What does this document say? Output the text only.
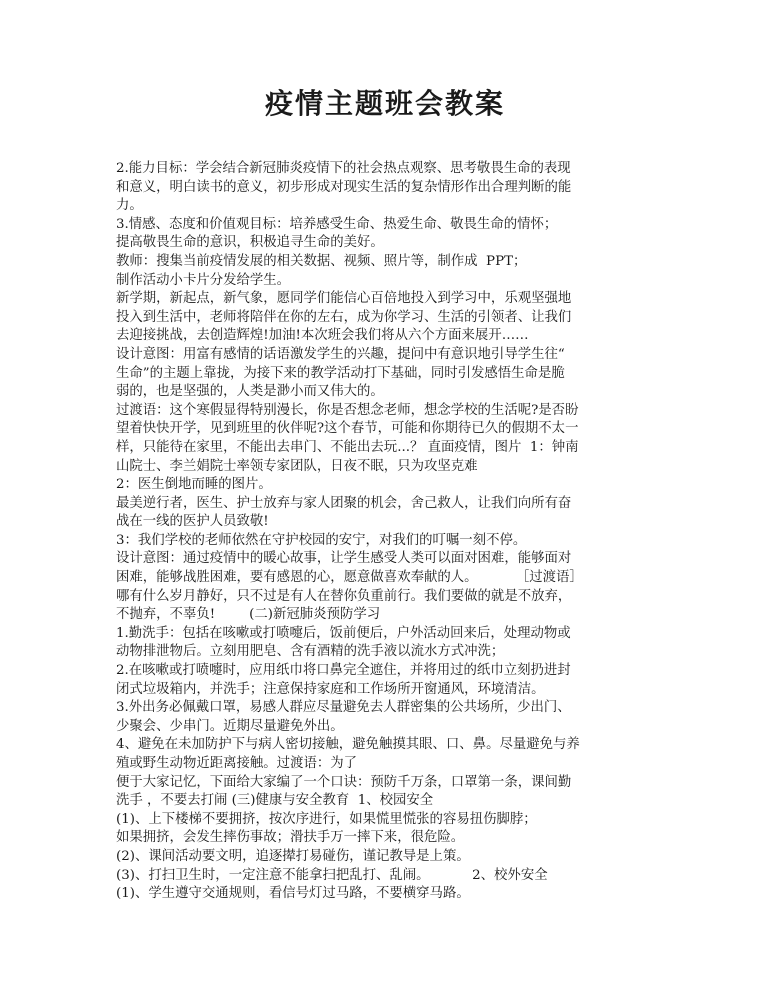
疫情主题班会教案
2.能力目标：学会结合新冠肺炎疫情下的社会热点观察、思考敬畏生命的表现
和意义，明白读书的意义，初步形成对现实生活的复杂情形作出合理判断的能
力。
3.情感、态度和价值观目标：培养感受生命、热爱生命、敬畏生命的情怀；
提高敬畏生命的意识，积极追寻生命的美好。
教师：搜集当前疫情发展的相关数据、视频、照片等，制作成  PPT；
制作活动小卡片分发给学生。
新学期，新起点，新气象，愿同学们能信心百倍地投入到学习中，乐观坚强地
投入到生活中，老师将陪伴在你的左右，成为你学习、生活的引领者、让我们
去迎接挑战，去创造辉煌!加油!本次班会我们将从六个方面来展开……
设计意图：用富有感情的话语激发学生的兴趣，提问中有意识地引导学生往“
生命”的主题上靠拢，为接下来的教学活动打下基础，同时引发感悟生命是脆
弱的，也是坚强的，人类是渺小而又伟大的。
过渡语：这个寒假显得特别漫长，你是否想念老师，想念学校的生活呢?是否盼
望着快快开学，见到班里的伙伴呢?这个春节，可能和你期待已久的假期不太一
样，只能待在家里，不能出去串门、不能出去玩...？ 直面疫情，图片  1：钟南
山院士、李兰娟院士率领专家团队，日夜不眠，只为攻坚克难
2：医生倒地而睡的图片。
最美逆行者，医生、护士放弃与家人团聚的机会，舍己救人，让我们向所有奋
战在一线的医护人员致敬!
3：我们学校的老师依然在守护校园的安宁，对我们的叮嘱一刻不停。
设计意图：通过疫情中的暖心故事，让学生感受人类可以面对困难，能够面对
困难，能够战胜困难，要有感恩的心，愿意做喜欢奉献的人。         ［过渡语］
哪有什么岁月静好，只不过是有人在替你负重前行。我们要做的就是不放弃，
不抛弃，不辜负!        (二)新冠肺炎预防学习
1.勤洗手：包括在咳嗽或打喷嚏后，饭前便后，户外活动回来后，处理动物或
动物排泄物后。立刻用肥皂、含有酒精的洗手液以流水方式冲洗；
2.在咳嗽或打喷嚏时，应用纸巾将口鼻完全遮住，并将用过的纸巾立刻扔进封
闭式垃圾箱内，并洗手；注意保持家庭和工作场所开窗通风，环境清洁。
3.外出务必佩戴口罩，易感人群应尽量避免去人群密集的公共场所，少出门、
少聚会、少串门。近期尽量避免外出。
4、避免在未加防护下与病人密切接触，避免触摸其眼、口、鼻。尽量避免与养
殖或野生动物近距离接触。过渡语：为了
便于大家记忆，下面给大家编了一个口诀：预防千万条，口罩第一条，课间勤
洗手 ，不要去打闹 (三)健康与安全教育  1、校园安全
(1)、上下楼梯不要拥挤，按次序进行，如果慌里慌张的容易扭伤脚脖；
如果拥挤，会发生摔伤事故；滑扶手万一摔下来，很危险。
(2)、课间活动要文明，追逐撵打易碰伤，谨记教导是上策。
(3)、打扫卫生时，一定注意不能拿扫把乱打、乱闹。          2、校外安全
(1)、学生遵守交通规则，看信号灯过马路，不要横穿马路。
